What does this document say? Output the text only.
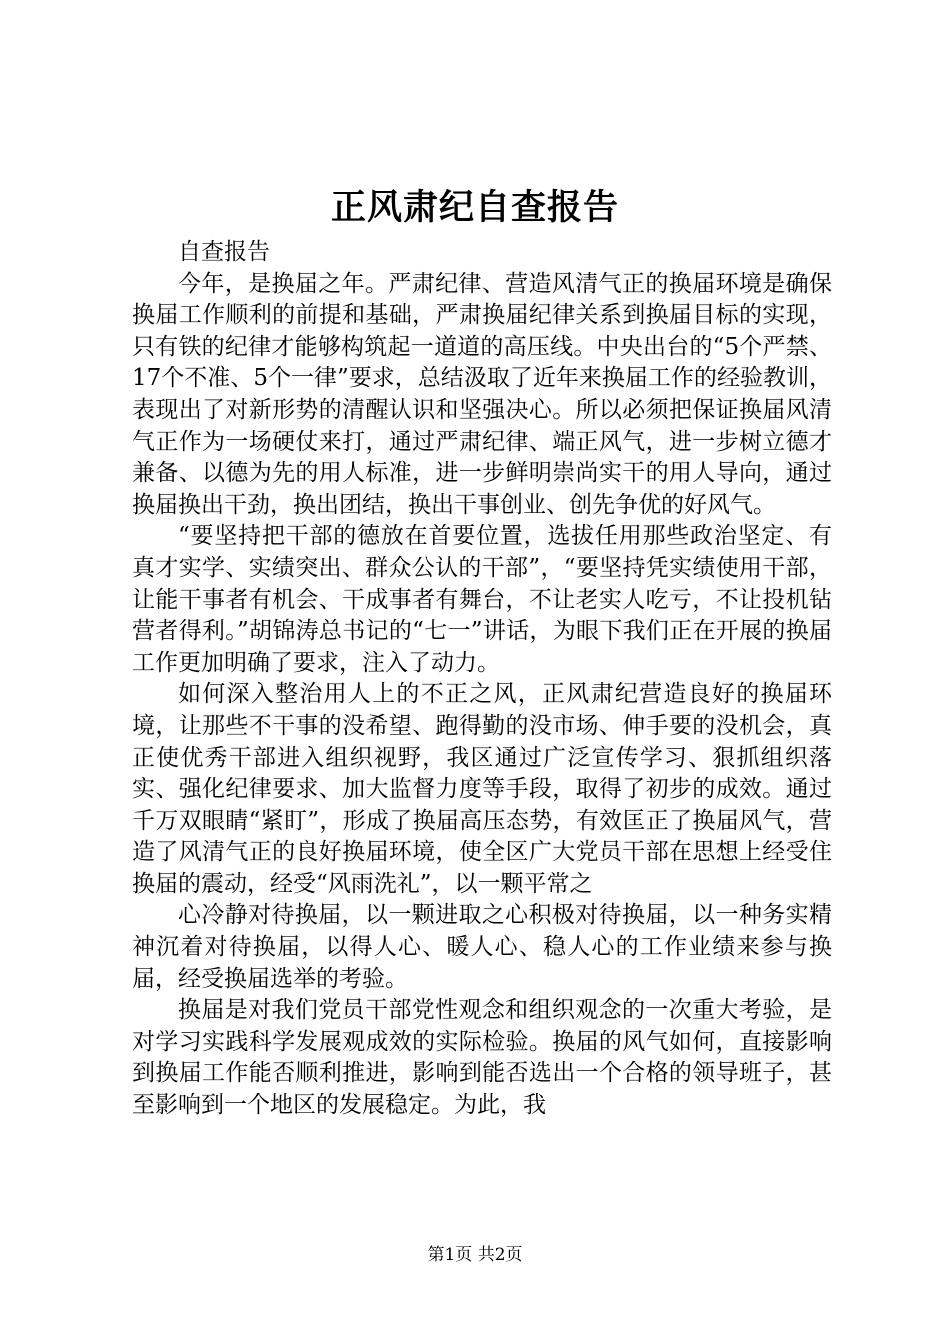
正风肃纪自查报告

自查报告

今年，是换届之年。严肃纪律、营造风清气正的换届环境是确保换届工作顺利的前提和基础，严肃换届纪律关系到换届目标的实现，只有铁的纪律才能够构筑起一道道的高压线。中央出台的“5个严禁、17个不准、5个一律”要求，总结汲取了近年来换届工作的经验教训，表现出了对新形势的清醒认识和坚强决心。所以必须把保证换届风清气正作为一场硬仗来打，通过严肃纪律、端正风气，进一步树立德才兼备、以德为先的用人标准，进一步鲜明崇尚实干的用人导向，通过换届换出干劲，换出团结，换出干事创业、创先争优的好风气。

“要坚持把干部的德放在首要位置，选拔任用那些政治坚定、有真才实学、实绩突出、群众公认的干部”，“要坚持凭实绩使用干部，让能干事者有机会、干成事者有舞台，不让老实人吃亏，不让投机钻营者得利。”胡锦涛总书记的“七一”讲话，为眼下我们正在开展的换届工作更加明确了要求，注入了动力。

如何深入整治用人上的不正之风，正风肃纪营造良好的换届环境，让那些不干事的没希望、跑得勤的没市场、伸手要的没机会，真正使优秀干部进入组织视野，我区通过广泛宣传学习、狠抓组织落实、强化纪律要求、加大监督力度等手段，取得了初步的成效。通过千万双眼睛“紧盯”，形成了换届高压态势，有效匡正了换届风气，营造了风清气正的良好换届环境，使全区广大党员干部在思想上经受住换届的震动，经受“风雨洗礼”，以一颗平常之

心冷静对待换届，以一颗进取之心积极对待换届，以一种务实精神沉着对待换届，以得人心、暖人心、稳人心的工作业绩来参与换届，经受换届选举的考验。

换届是对我们党员干部党性观念和组织观念的一次重大考验，是对学习实践科学发展观成效的实际检验。换届的风气如何，直接影响到换届工作能否顺利推进，影响到能否选出一个合格的领导班子，甚至影响到一个地区的发展稳定。为此，我

第1页 共2页
